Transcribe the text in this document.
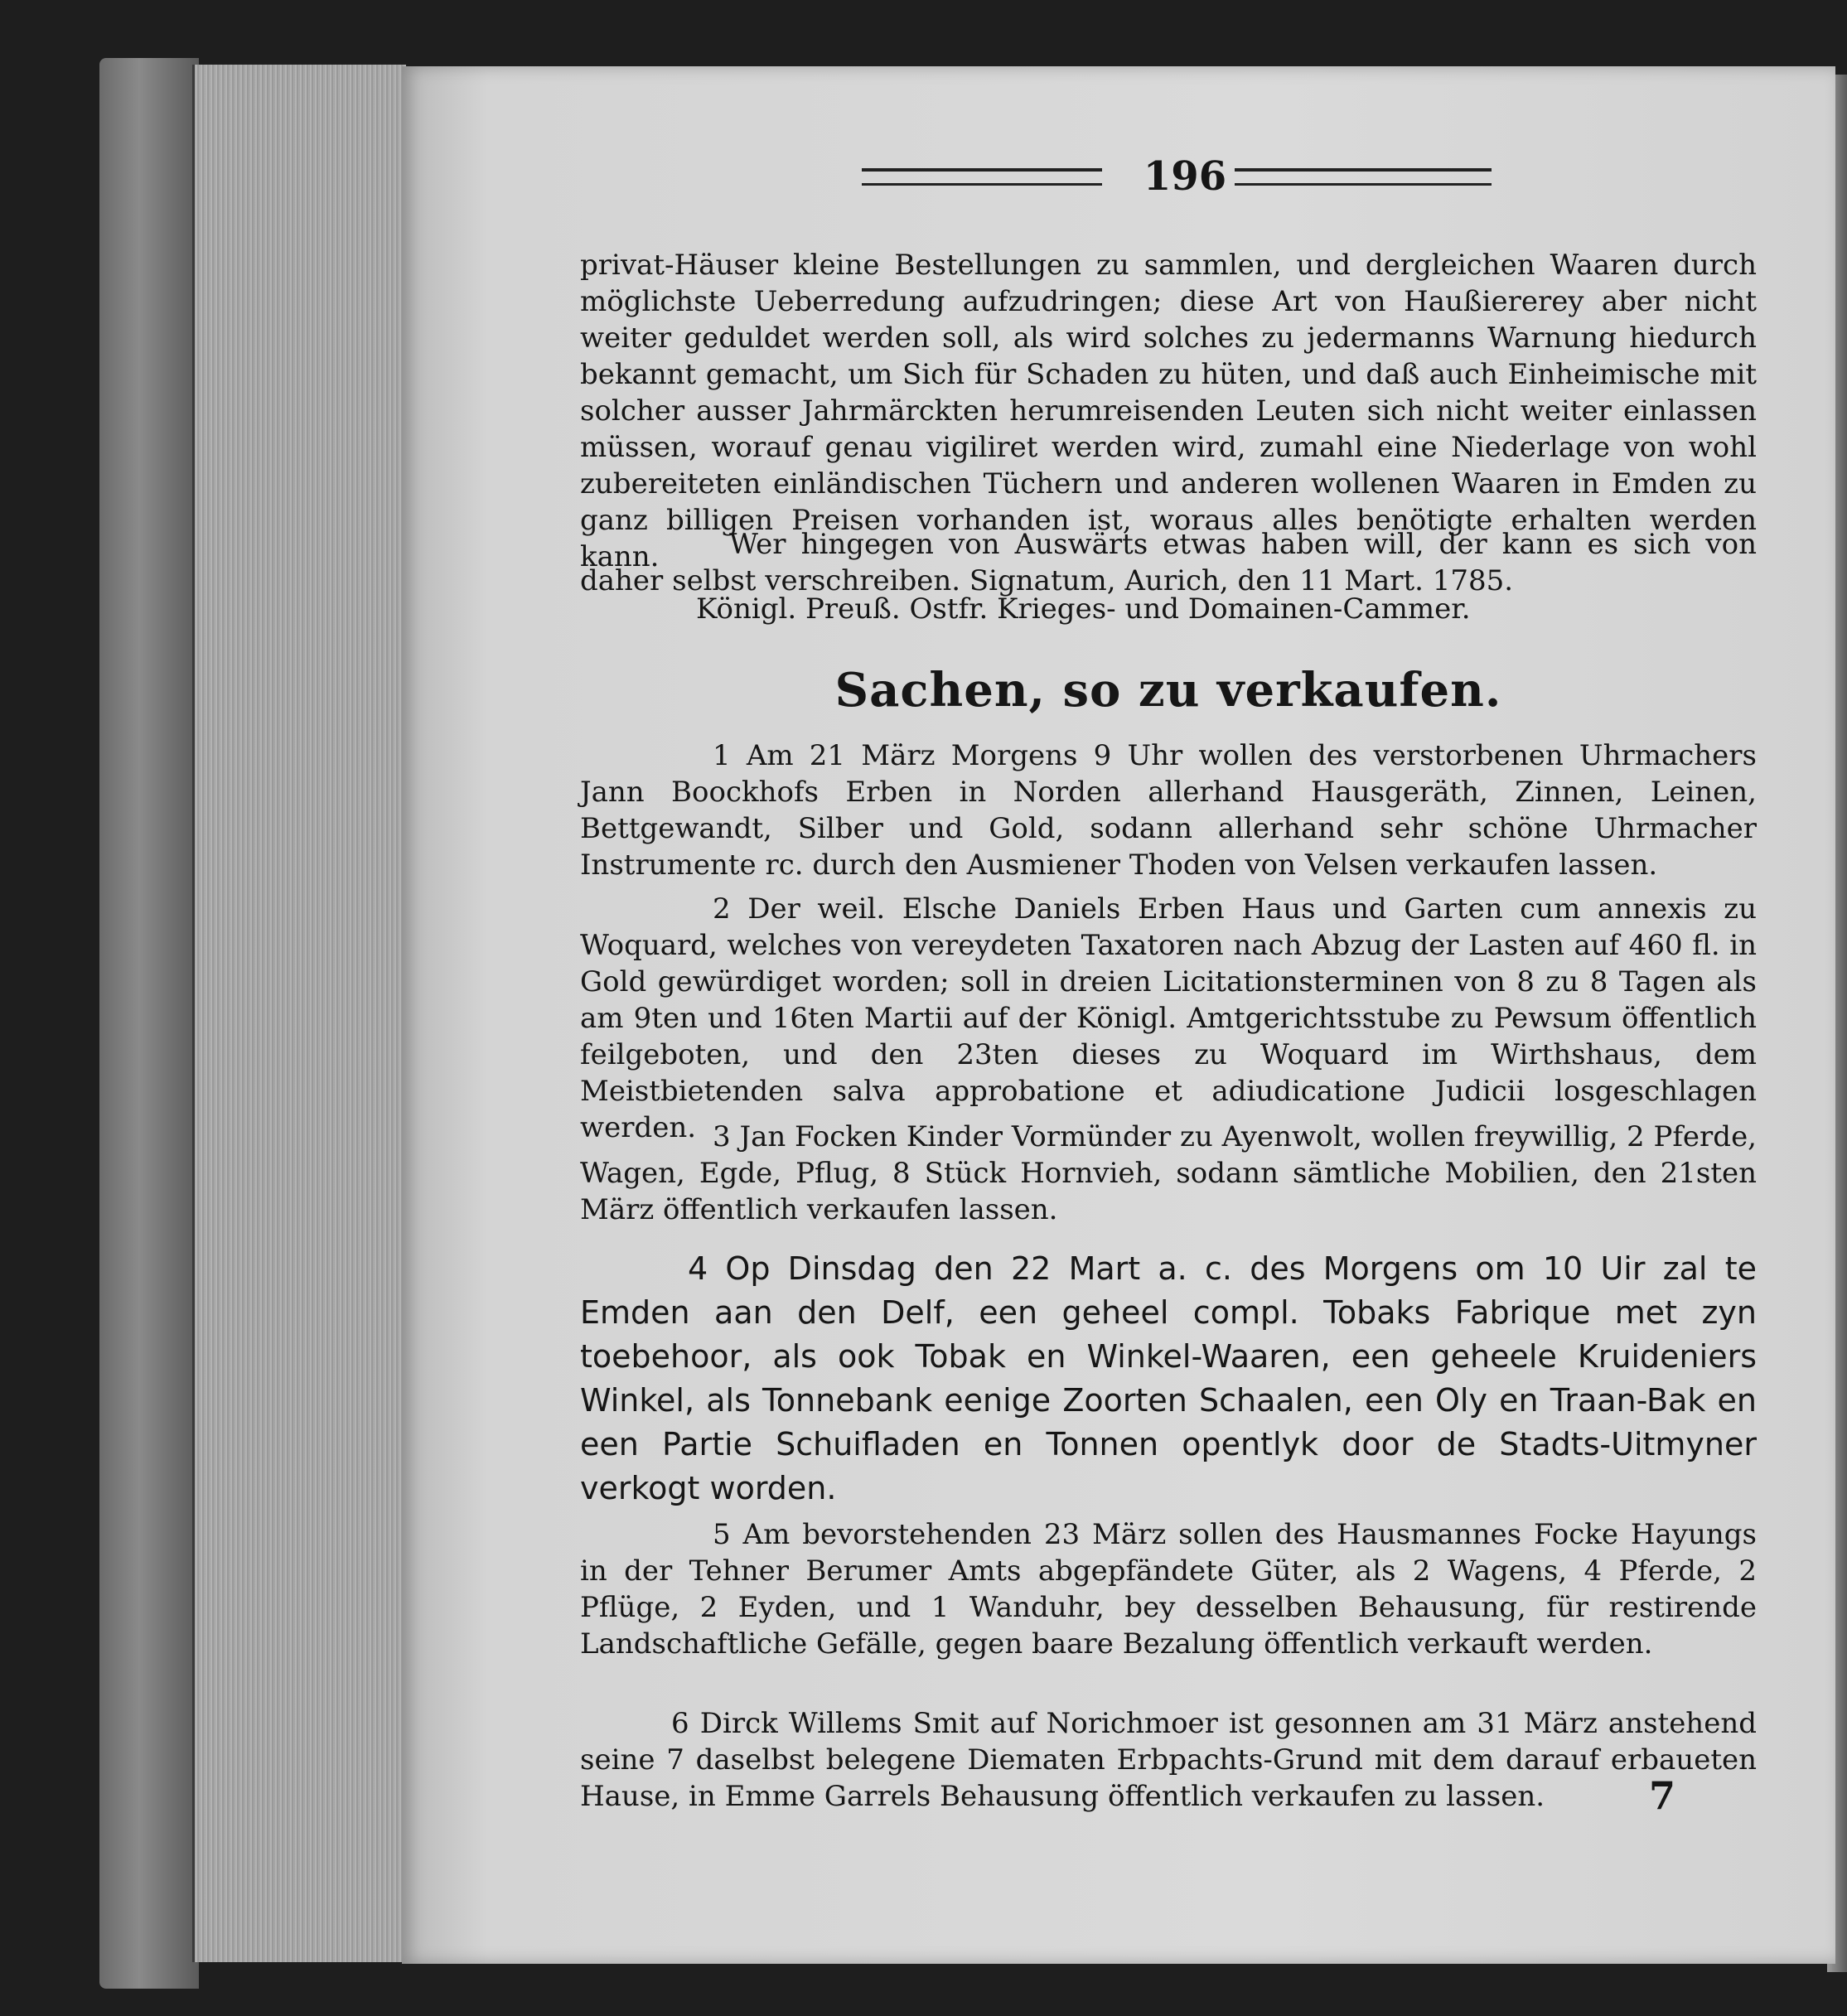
196
privat-Häuser kleine Bestellungen zu sammlen, und dergleichen Waaren durch möglichste Ueberredung aufzudringen; diese Art von Haußiererey aber nicht weiter geduldet werden soll, als wird solches zu jedermanns Warnung hiedurch bekannt gemacht, um Sich für Schaden zu hüten, und daß auch Einheimische mit solcher ausser Jahrmärckten herumreisenden Leuten sich nicht weiter einlassen müssen, worauf genau vigiliret werden wird, zumahl eine Niederlage von wohl zubereiteten einländischen Tüchern und anderen wollenen Waaren in Emden zu ganz billigen Preisen vorhanden ist, woraus alles benötigte erhalten werden kann.	Wer hingegen von Auswärts etwas haben will, der kann es sich von daher selbst verschreiben. Signatum, Aurich, den 11 Mart. 1785.
Königl. Preuß. Ostfr. Krieges- und Domainen-Cammer.
Sachen, so zu verkaufen.
1 Am 21 März Morgens 9 Uhr wollen des verstorbenen Uhrmachers Jann Boockhofs Erben in Norden allerhand Hausgeräth, Zinnen, Leinen, Bettgewandt, Silber und Gold, sodann allerhand sehr schöne Uhrmacher Instrumente rc. durch den Ausmiener Thoden von Velsen verkaufen lassen.
2 Der weil. Elsche Daniels Erben Haus und Garten cum annexis zu Woquard, welches von vereydeten Taxatoren nach Abzug der Lasten auf 460 fl. in Gold gewürdiget worden; soll in dreien Licitationsterminen von 8 zu 8 Tagen als am 9ten und 16ten Martii auf der Königl. Amtgerichtsstube zu Pewsum öffentlich feilgeboten, und den 23ten dieses zu Woquard im Wirthshaus, dem Meistbietenden salva approbatione et adiudicatione Judicii losgeschlagen werden. 3 Jan Focken Kinder Vormünder zu Ayenwolt, wollen freywillig, 2 Pferde, Wagen, Egde, Pflug, 8 Stück Hornvieh, sodann sämtliche Mobilien, den 21sten März öffentlich verkaufen lassen.
4 Op Dinsdag den 22 Mart a. c. des Morgens om 10 Uir zal te Emden aan den Delf, een geheel compl. Tobaks Fabrique met zyn toebehoor, als ook Tobak en Winkel-Waaren, een geheele Kruideniers Winkel, als Tonnebank eenige Zoorten Schaalen, een Oly en Traan-Bak en een Partie Schuifladen en Tonnen opentlyk door de Stadts-Uitmyner verkogt worden.
5 Am bevorstehenden 23 März sollen des Hausmannes Focke Hayungs in der Tehner Berumer Amts abgepfändete Güter, als 2 Wagens, 4 Pferde, 2 Pflüge, 2 Eyden, und 1 Wanduhr, bey desselben Behausung, für restirende Landschaftliche Gefälle, gegen baare Bezalung öffentlich verkauft werden.
6 Dirck Willems Smit auf Norichmoer ist gesonnen am 31 März anstehend seine 7 daselbst belegene Diematen Erbpachts-Grund mit dem darauf erbaueten Hause, in Emme Garrels Behausung öffentlich verkaufen zu lassen.	7
